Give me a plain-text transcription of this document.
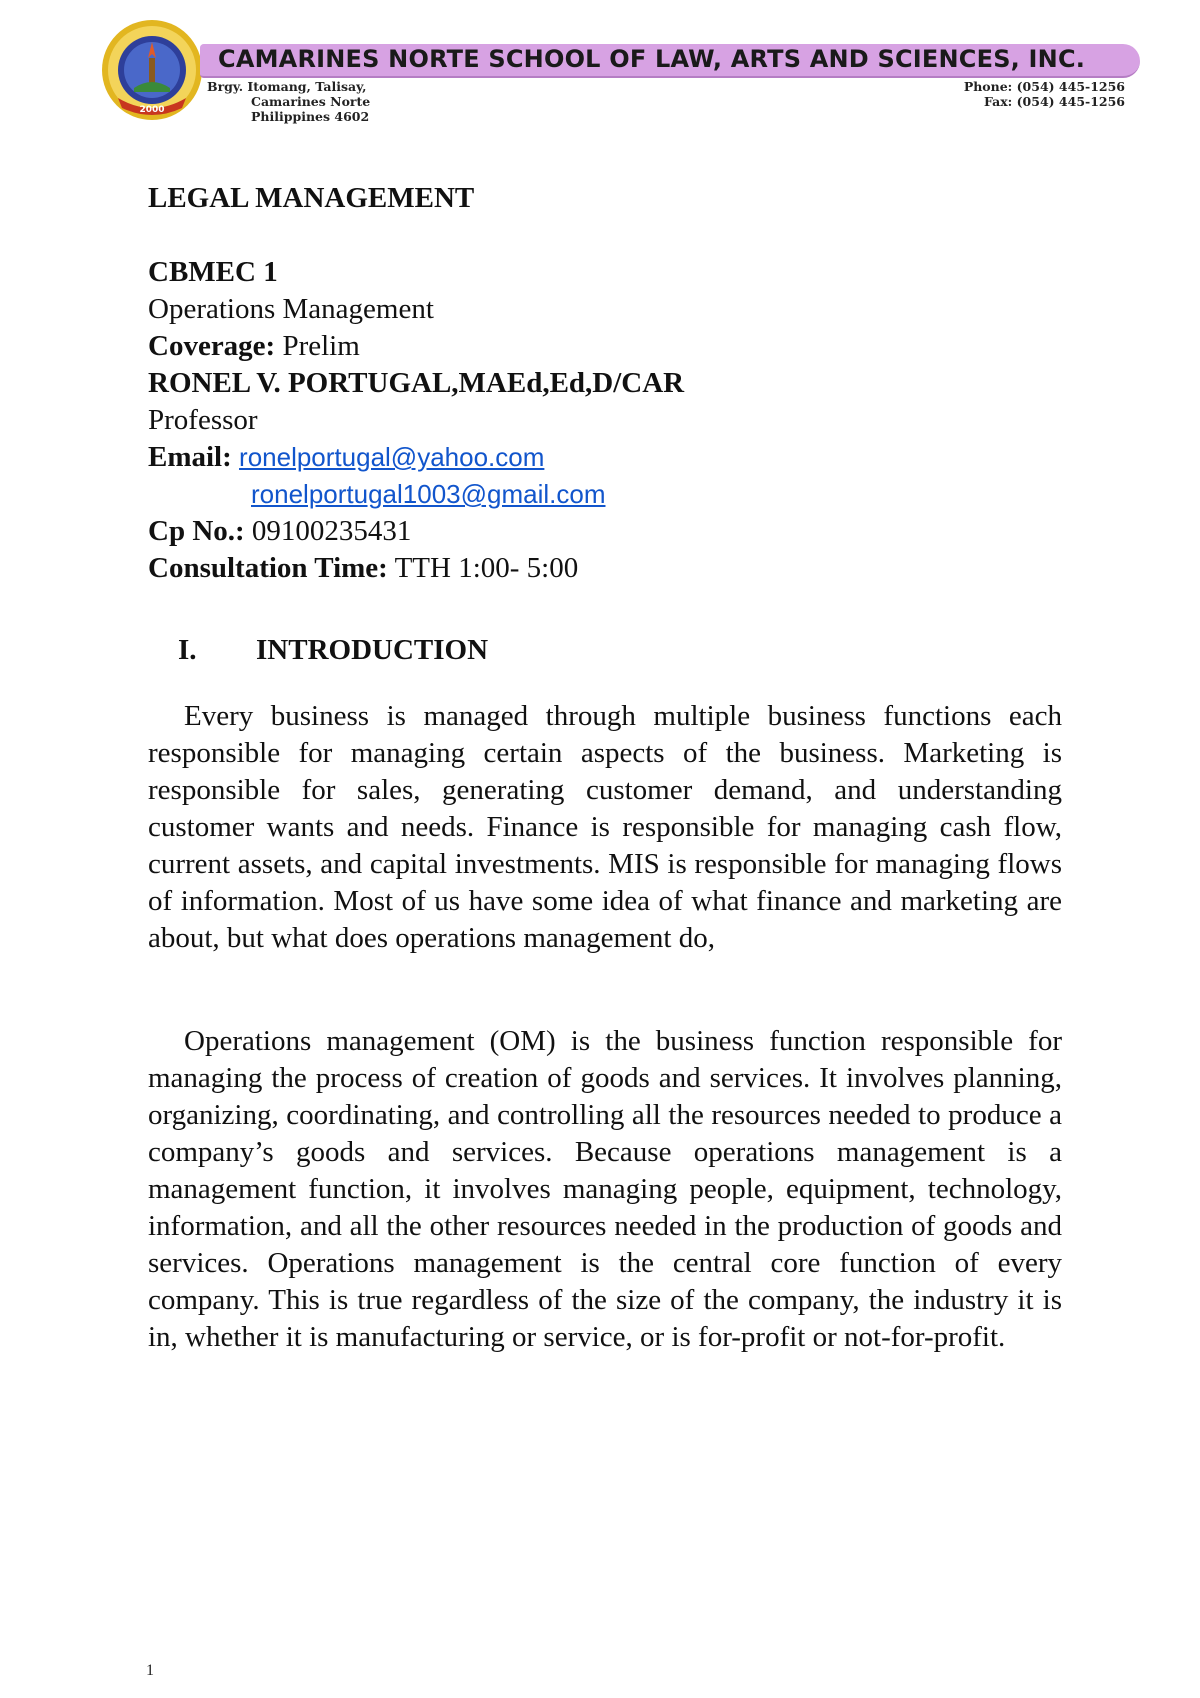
2000
CAMARINES NORTE SCHOOL OF LAW, ARTS AND SCIENCES, INC.
Brgy. Itomang, Talisay,
Camarines Norte
Philippines 4602
Phone: (054) 445-1256
Fax: (054) 445-1256
LEGAL MANAGEMENT
CBMEC 1
Operations Management
Coverage: Prelim
RONEL V. PORTUGAL,MAEd,Ed,D/CAR
Professor
Email: ronelportugal@yahoo.com
ronelportugal1003@gmail.com
Cp No.: 09100235431
Consultation Time: TTH 1:00- 5:00
I. INTRODUCTION

Every business is managed through multiple business functions each responsible for managing certain aspects of the business. Marketing is responsible for sales, generating customer demand, and understanding customer wants and needs. Finance is responsible for managing cash flow, current assets, and capital investments. MIS is responsible for managing flows of information. Most of us have some idea of what finance and marketing are about, but what does operations management do,

Operations management (OM) is the business function responsible for managing the process of creation of goods and services. It involves planning, organizing, coordinating, and controlling all the resources needed to produce a company’s goods and services. Because operations management is a management function, it involves managing people, equipment, technology, information, and all the other resources needed in the production of goods and services. Operations management is the central core function of every company. This is true regardless of the size of the company, the industry it is in, whether it is manufacturing or service, or is for-profit or not-for-profit.

1
